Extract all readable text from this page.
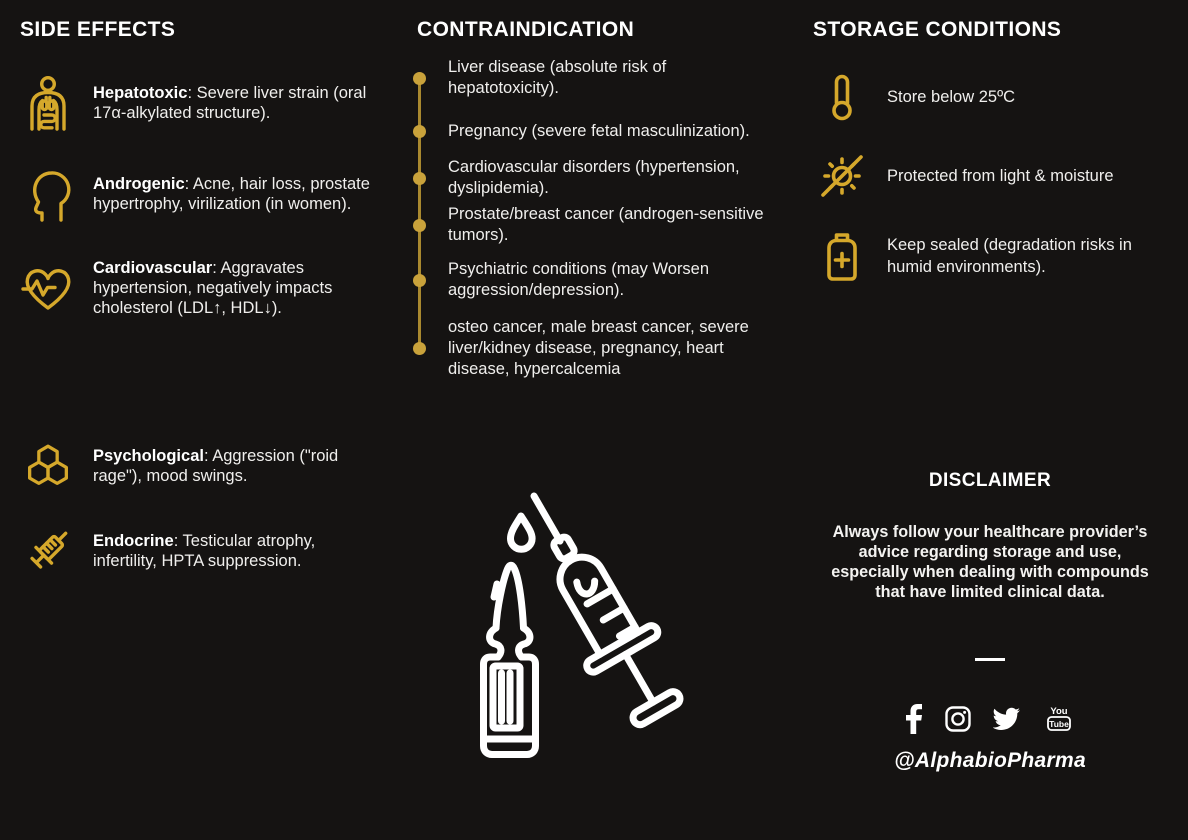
SIDE EFFECTS

Hepatotoxic: Severe liver strain (oral 17α-alkylated structure).

Androgenic: Acne, hair loss, prostate hypertrophy, virilization (in women).

Cardiovascular: Aggravates hypertension, negatively impacts cholesterol (LDL↑, HDL↓).

Psychological: Aggression ("roid rage"), mood swings.

Endocrine: Testicular atrophy, infertility, HPTA suppression.

CONTRAINDICATION

Liver disease (absolute risk of hepatotoxicity).

Pregnancy (severe fetal masculinization).

Cardiovascular disorders (hypertension, dyslipidemia).

Prostate/breast cancer (androgen-sensitive tumors).

Psychiatric conditions (may Worsen aggression/depression).

osteo cancer, male breast cancer, severe liver/kidney disease, pregnancy, heart disease, hypercalcemia

STORAGE CONDITIONS

Store below 25ºC

Protected from light & moisture

Keep sealed (degradation risks in humid environments).

DISCLAIMER

Always follow your healthcare provider’s advice regarding storage and use, especially when dealing with compounds that have limited clinical data.

You
Tube
@AlphabioPharma
